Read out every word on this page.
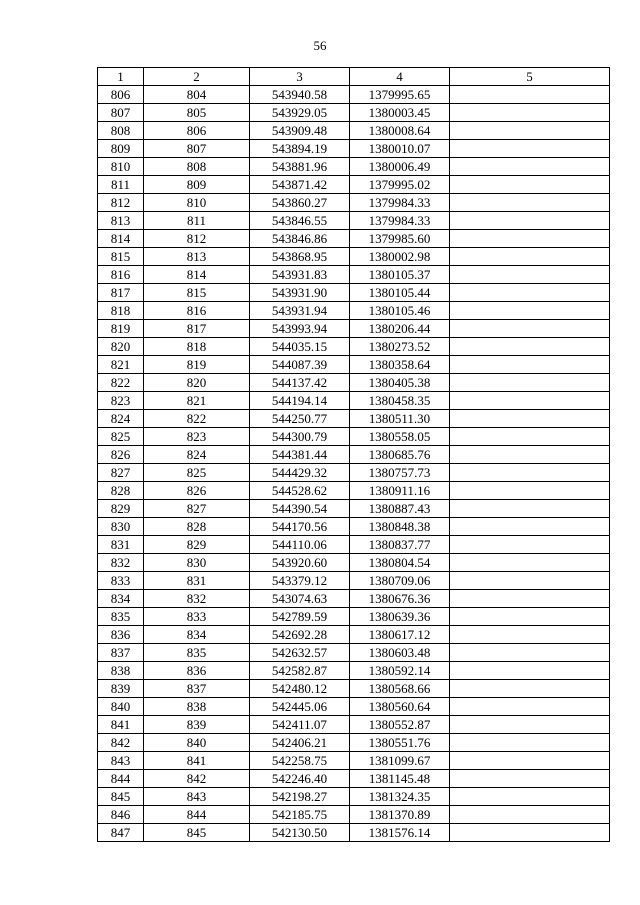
56
1	2	3	4	5
806	804	543940.58	1379995.65	
807	805	543929.05	1380003.45	
808	806	543909.48	1380008.64	
809	807	543894.19	1380010.07	
810	808	543881.96	1380006.49	
811	809	543871.42	1379995.02	
812	810	543860.27	1379984.33	
813	811	543846.55	1379984.33	
814	812	543846.86	1379985.60	
815	813	543868.95	1380002.98	
816	814	543931.83	1380105.37	
817	815	543931.90	1380105.44	
818	816	543931.94	1380105.46	
819	817	543993.94	1380206.44	
820	818	544035.15	1380273.52	
821	819	544087.39	1380358.64	
822	820	544137.42	1380405.38	
823	821	544194.14	1380458.35	
824	822	544250.77	1380511.30	
825	823	544300.79	1380558.05	
826	824	544381.44	1380685.76	
827	825	544429.32	1380757.73	
828	826	544528.62	1380911.16	
829	827	544390.54	1380887.43	
830	828	544170.56	1380848.38	
831	829	544110.06	1380837.77	
832	830	543920.60	1380804.54	
833	831	543379.12	1380709.06	
834	832	543074.63	1380676.36	
835	833	542789.59	1380639.36	
836	834	542692.28	1380617.12	
837	835	542632.57	1380603.48	
838	836	542582.87	1380592.14	
839	837	542480.12	1380568.66	
840	838	542445.06	1380560.64	
841	839	542411.07	1380552.87	
842	840	542406.21	1380551.76	
843	841	542258.75	1381099.67	
844	842	542246.40	1381145.48	
845	843	542198.27	1381324.35	
846	844	542185.75	1381370.89	
847	845	542130.50	1381576.14	
